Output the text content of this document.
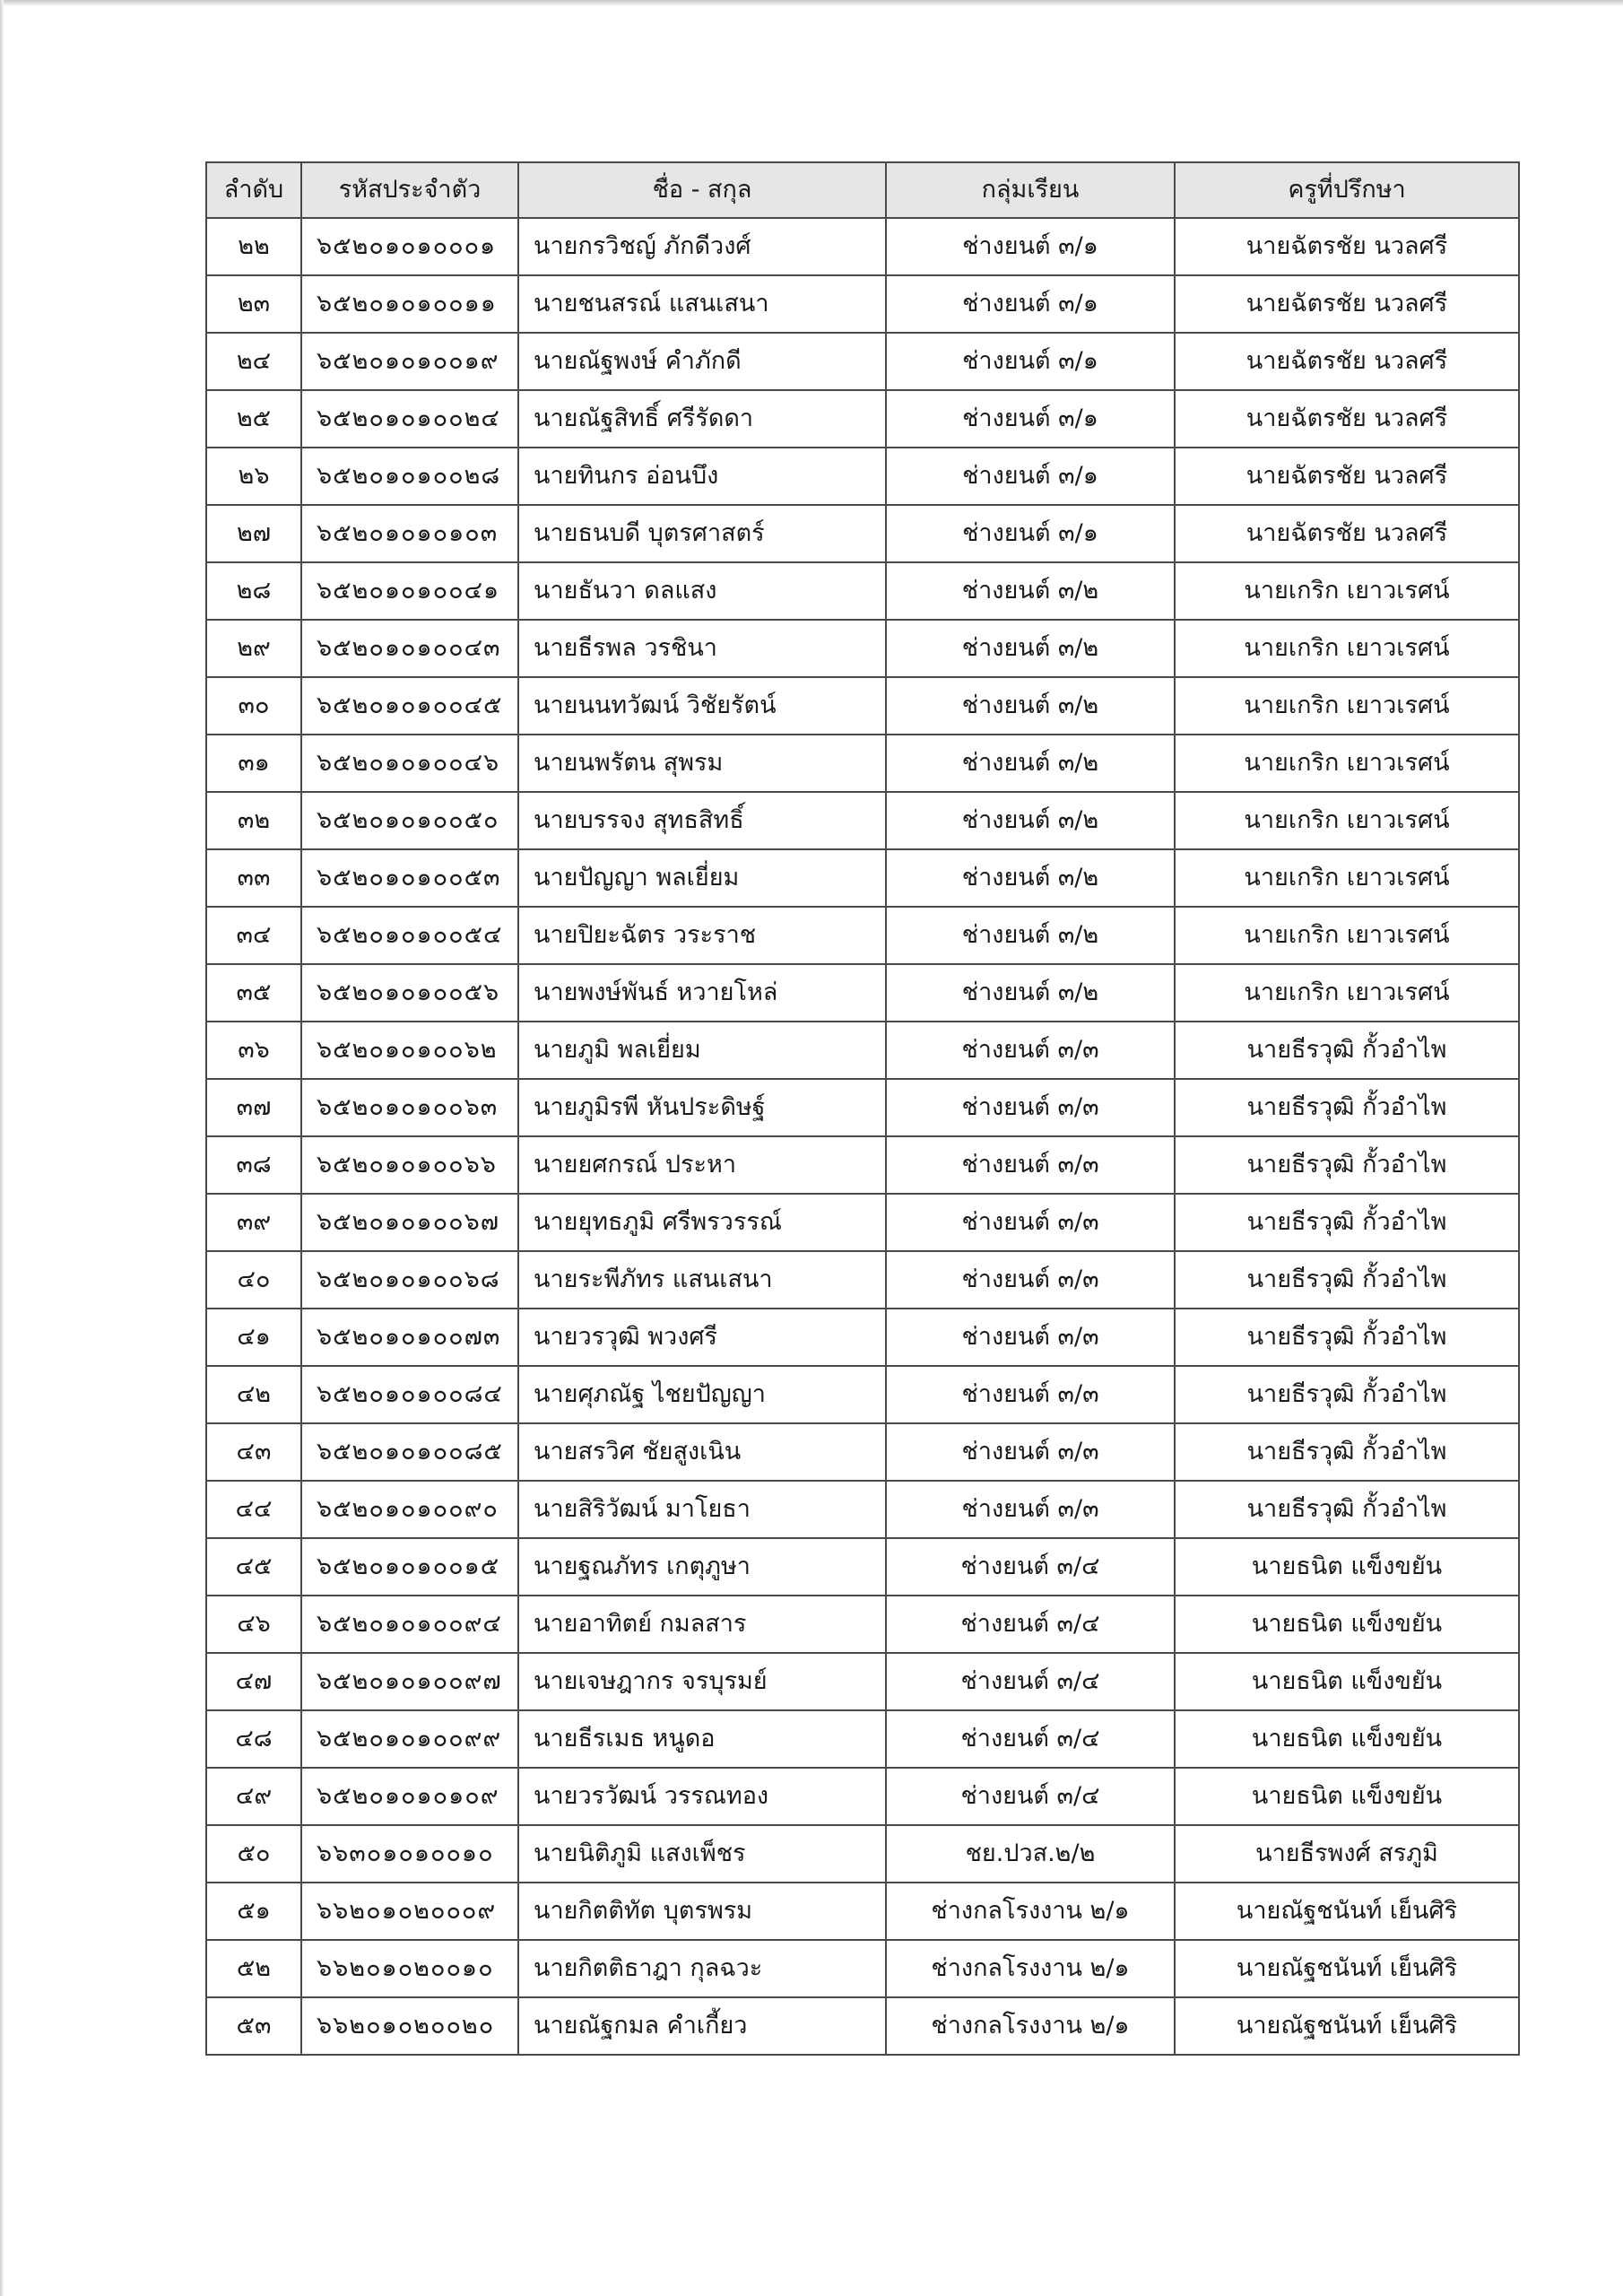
ลำดับ	รหัสประจำตัว	ชื่อ - สกุล	กลุ่มเรียน	ครูที่ปรึกษา
๒๒	๖๕๒๐๑๐๑๐๐๐๑	นายกรวิชญ์ ภักดีวงศ์	ช่างยนต์ ๓/๑	นายฉัตรชัย นวลศรี
๒๓	๖๕๒๐๑๐๑๐๐๑๑	นายชนสรณ์ แสนเสนา	ช่างยนต์ ๓/๑	นายฉัตรชัย นวลศรี
๒๔	๖๕๒๐๑๐๑๐๐๑๙	นายณัฐพงษ์ คำภักดี	ช่างยนต์ ๓/๑	นายฉัตรชัย นวลศรี
๒๕	๖๕๒๐๑๐๑๐๐๒๔	นายณัฐสิทธิ์ ศรีรัดดา	ช่างยนต์ ๓/๑	นายฉัตรชัย นวลศรี
๒๖	๖๕๒๐๑๐๑๐๐๒๘	นายทินกร อ่อนบึง	ช่างยนต์ ๓/๑	นายฉัตรชัย นวลศรี
๒๗	๖๕๒๐๑๐๑๐๑๐๓	นายธนบดี บุตรศาสตร์	ช่างยนต์ ๓/๑	นายฉัตรชัย นวลศรี
๒๘	๖๕๒๐๑๐๑๐๐๔๑	นายธันวา ดลแสง	ช่างยนต์ ๓/๒	นายเกริก เยาวเรศน์
๒๙	๖๕๒๐๑๐๑๐๐๔๓	นายธีรพล วรชินา	ช่างยนต์ ๓/๒	นายเกริก เยาวเรศน์
๓๐	๖๕๒๐๑๐๑๐๐๔๕	นายนนทวัฒน์ วิชัยรัตน์	ช่างยนต์ ๓/๒	นายเกริก เยาวเรศน์
๓๑	๖๕๒๐๑๐๑๐๐๔๖	นายนพรัตน สุพรม	ช่างยนต์ ๓/๒	นายเกริก เยาวเรศน์
๓๒	๖๕๒๐๑๐๑๐๐๕๐	นายบรรจง สุทธสิทธิ์	ช่างยนต์ ๓/๒	นายเกริก เยาวเรศน์
๓๓	๖๕๒๐๑๐๑๐๐๕๓	นายปัญญา พลเยี่ยม	ช่างยนต์ ๓/๒	นายเกริก เยาวเรศน์
๓๔	๖๕๒๐๑๐๑๐๐๕๔	นายปิยะฉัตร วระราช	ช่างยนต์ ๓/๒	นายเกริก เยาวเรศน์
๓๕	๖๕๒๐๑๐๑๐๐๕๖	นายพงษ์พันธ์ หวายโหล่	ช่างยนต์ ๓/๒	นายเกริก เยาวเรศน์
๓๖	๖๕๒๐๑๐๑๐๐๖๒	นายภูมิ พลเยี่ยม	ช่างยนต์ ๓/๓	นายธีรวุฒิ กั้วอำไพ
๓๗	๖๕๒๐๑๐๑๐๐๖๓	นายภูมิรพี หันประดิษฐ์	ช่างยนต์ ๓/๓	นายธีรวุฒิ กั้วอำไพ
๓๘	๖๕๒๐๑๐๑๐๐๖๖	นายยศกรณ์ ประหา	ช่างยนต์ ๓/๓	นายธีรวุฒิ กั้วอำไพ
๓๙	๖๕๒๐๑๐๑๐๐๖๗	นายยุทธภูมิ ศรีพรวรรณ์	ช่างยนต์ ๓/๓	นายธีรวุฒิ กั้วอำไพ
๔๐	๖๕๒๐๑๐๑๐๐๖๘	นายระพีภัทร แสนเสนา	ช่างยนต์ ๓/๓	นายธีรวุฒิ กั้วอำไพ
๔๑	๖๕๒๐๑๐๑๐๐๗๓	นายวรวุฒิ พวงศรี	ช่างยนต์ ๓/๓	นายธีรวุฒิ กั้วอำไพ
๔๒	๖๕๒๐๑๐๑๐๐๘๔	นายศุภณัฐ ไชยปัญญา	ช่างยนต์ ๓/๓	นายธีรวุฒิ กั้วอำไพ
๔๓	๖๕๒๐๑๐๑๐๐๘๕	นายสรวิศ ชัยสูงเนิน	ช่างยนต์ ๓/๓	นายธีรวุฒิ กั้วอำไพ
๔๔	๖๕๒๐๑๐๑๐๐๙๐	นายสิริวัฒน์ มาโยธา	ช่างยนต์ ๓/๓	นายธีรวุฒิ กั้วอำไพ
๔๕	๖๕๒๐๑๐๑๐๐๑๕	นายฐณภัทร เกตุภูษา	ช่างยนต์ ๓/๔	นายธนิต แข็งขยัน
๔๖	๖๕๒๐๑๐๑๐๐๙๔	นายอาทิตย์ กมลสาร	ช่างยนต์ ๓/๔	นายธนิต แข็งขยัน
๔๗	๖๕๒๐๑๐๑๐๐๙๗	นายเจษฎากร จรบุรมย์	ช่างยนต์ ๓/๔	นายธนิต แข็งขยัน
๔๘	๖๕๒๐๑๐๑๐๐๙๙	นายธีรเมธ หนูดอ	ช่างยนต์ ๓/๔	นายธนิต แข็งขยัน
๔๙	๖๕๒๐๑๐๑๐๑๐๙	นายวรวัฒน์ วรรณทอง	ช่างยนต์ ๓/๔	นายธนิต แข็งขยัน
๕๐	๖๖๓๐๑๐๑๐๐๑๐	นายนิติภูมิ แสงเพ็ชร	ชย.ปวส.๒/๒	นายธีรพงศ์ สรภูมิ
๕๑	๖๖๒๐๑๐๒๐๐๐๙	นายกิตติทัต บุตรพรม	ช่างกลโรงงาน ๒/๑	นายณัฐชนันท์ เย็นศิริ
๕๒	๖๖๒๐๑๐๒๐๐๑๐	นายกิตติธาฎา กุลฉวะ	ช่างกลโรงงาน ๒/๑	นายณัฐชนันท์ เย็นศิริ
๕๓	๖๖๒๐๑๐๒๐๐๒๐	นายณัฐกมล คำเกี้ยว	ช่างกลโรงงาน ๒/๑	นายณัฐชนันท์ เย็นศิริ
